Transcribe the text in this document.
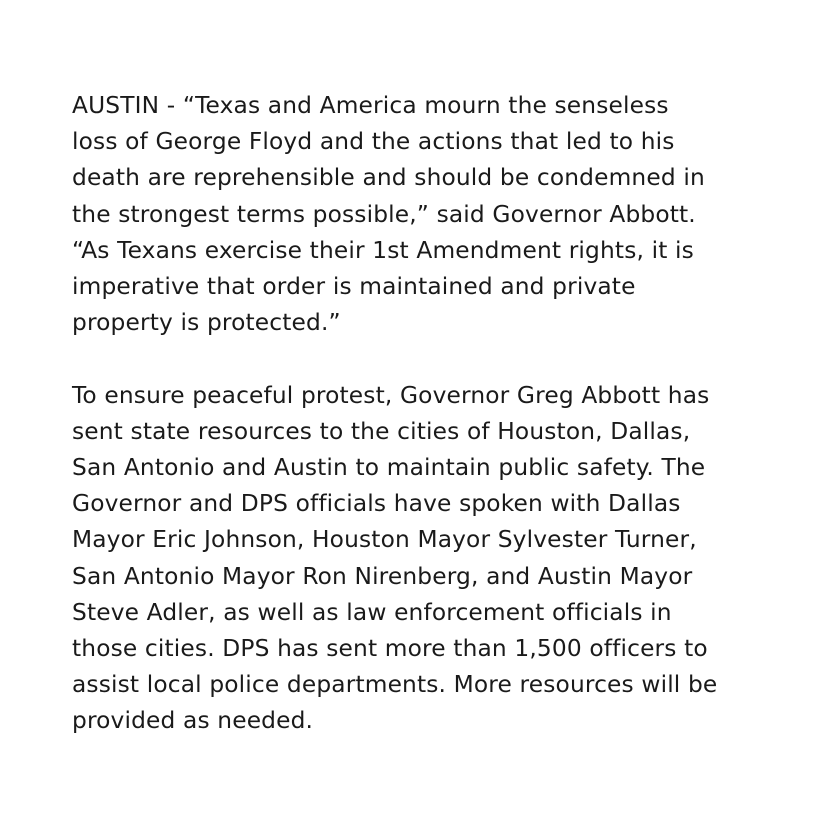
AUSTIN - “Texas and America mourn the senseless
loss of George Floyd and the actions that led to his
death are reprehensible and should be condemned in
the strongest terms possible,” said Governor Abbott.
“As Texans exercise their 1st Amendment rights, it is
imperative that order is maintained and private
property is protected.”
To ensure peaceful protest, Governor Greg Abbott has
sent state resources to the cities of Houston, Dallas,
San Antonio and Austin to maintain public safety. The
Governor and DPS officials have spoken with Dallas
Mayor Eric Johnson, Houston Mayor Sylvester Turner,
San Antonio Mayor Ron Nirenberg, and Austin Mayor
Steve Adler, as well as law enforcement officials in
those cities. DPS has sent more than 1,500 officers to
assist local police departments. More resources will be
provided as needed.
